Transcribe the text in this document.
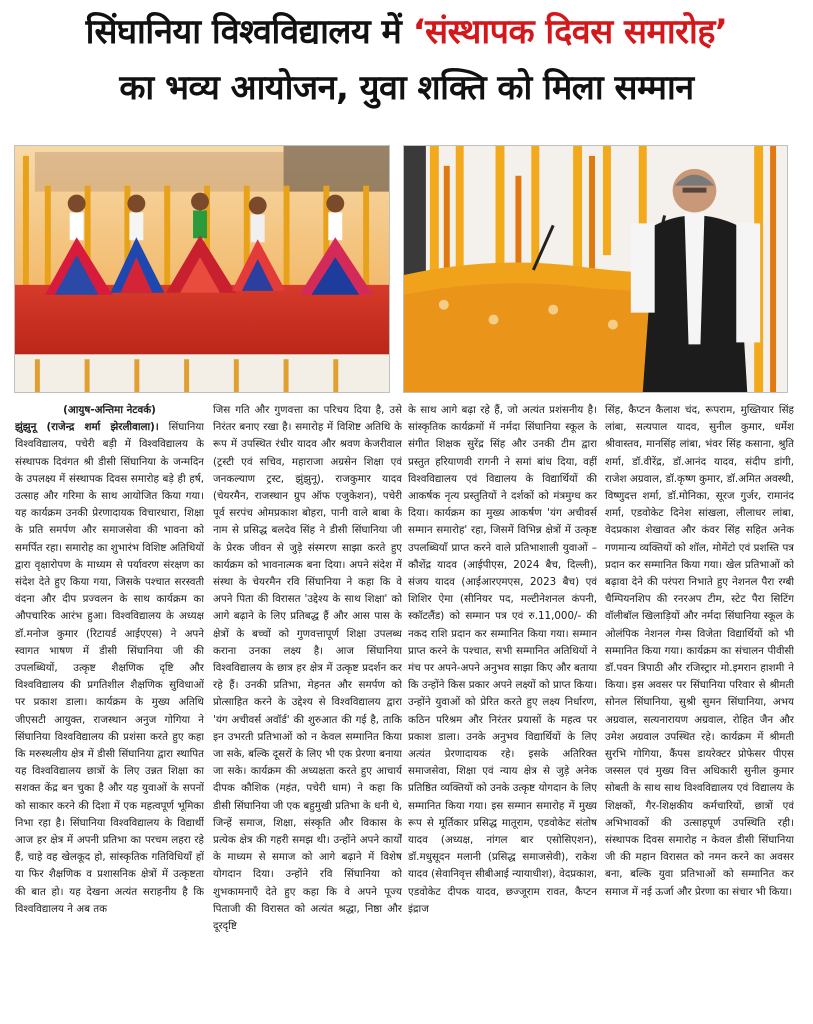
सिंघानिया विश्वविद्यालय में ‘संस्थापक दिवस समारोह’
का भव्य आयोजन, युवा शक्ति को मिला सम्मान

(आयुष-अन्तिमा नेटवर्क)

झुंझुनू (राजेन्द्र शर्मा झेरलीवाला)। सिंघानिया विश्वविद्यालय, पचेरी बड़ी में विश्वविद्यालय के संस्थापक दिवंगत श्री डीसी सिंघानिया के जन्मदिन के उपलक्ष्य में संस्थापक दिवस समारोह बड़े ही हर्ष, उत्साह और गरिमा के साथ आयोजित किया गया। यह कार्यक्रम उनकी प्रेरणादायक विचारधारा, शिक्षा के प्रति समर्पण और समाजसेवा की भावना को समर्पित रहा। समारोह का शुभारंभ विशिष्ट अतिथियों द्वारा वृक्षारोपण के माध्यम से पर्यावरण संरक्षण का संदेश देते हुए किया गया, जिसके पश्चात सरस्वती वंदना और दीप प्रज्वलन के साथ कार्यक्रम का औपचारिक आरंभ हुआ। विश्वविद्यालय के अध्यक्ष डॉ.मनोज कुमार (रिटायर्ड आईएएस) ने अपने स्वागत भाषण में डीसी सिंघानिया जी की उपलब्धियों, उत्कृष्ट शैक्षणिक दृष्टि और विश्वविद्यालय की प्रगतिशील शैक्षणिक सुविधाओं पर प्रकाश डाला। कार्यक्रम के मुख्य अतिथि जीएसटी आयुक्त, राजस्थान अनुज गोगिया ने सिंघानिया विश्वविद्यालय की प्रशंसा करते हुए कहा कि मरुस्थलीय क्षेत्र में डीसी सिंघानिया द्वारा स्थापित यह विश्वविद्यालय छात्रों के लिए उन्नत शिक्षा का सशक्त केंद्र बन चुका है और यह युवाओं के सपनों को साकार करने की दिशा में एक महत्वपूर्ण भूमिका निभा रहा है। सिंघानिया विश्वविद्यालय के विद्यार्थी आज हर क्षेत्र में अपनी प्रतिभा का परचम लहरा रहे हैं, चाहे वह खेलकूद हो, सांस्कृतिक गतिविधियाँ हों या फिर शैक्षणिक व प्रशासनिक क्षेत्रों में उत्कृष्टता की बात हो। यह देखना अत्यंत सराहनीय है कि विश्वविद्यालय ने अब तक

जिस गति और गुणवत्ता का परिचय दिया है, उसे निरंतर बनाए रखा है। समारोह में विशिष्ट अतिथि के रूप में उपस्थित रंधीर यादव और श्रवण केजरीवाल (ट्रस्टी एवं सचिव, महाराजा अग्रसेन शिक्षा एवं जनकल्याण ट्रस्ट, झुंझुनू), राजकुमार यादव (चेयरमैन, राजस्थान ग्रुप ऑफ एजुकेशन), पचेरी पूर्व सरपंच ओमप्रकाश बोहरा, पानी वाले बाबा के नाम से प्रसिद्ध बलदेव सिंह ने डीसी सिंघानिया जी के प्रेरक जीवन से जुड़े संस्मरण साझा करते हुए कार्यक्रम को भावनात्मक बना दिया। अपने संदेश में संस्था के चेयरमैन रवि सिंघानिया ने कहा कि वे अपने पिता की विरासत 'उद्देश्य के साथ शिक्षा' को आगे बढ़ाने के लिए प्रतिबद्ध हैं और आस पास के क्षेत्रों के बच्चों को गुणवत्तापूर्ण शिक्षा उपलब्ध कराना उनका लक्ष्य है। आज सिंघानिया विश्वविद्यालय के छात्र हर क्षेत्र में उत्कृष्ट प्रदर्शन कर रहे हैं। उनकी प्रतिभा, मेहनत और समर्पण को प्रोत्साहित करने के उद्देश्य से विश्वविद्यालय द्वारा 'यंग अचीवर्स अवॉर्ड' की शुरुआत की गई है, ताकि इन उभरती प्रतिभाओं को न केवल सम्मानित किया जा सके, बल्कि दूसरों के लिए भी एक प्रेरणा बनाया जा सके। कार्यक्रम की अध्यक्षता करते हुए आचार्य दीपक कौशिक (महंत, पचेरी धाम) ने कहा कि डीसी सिंघानिया जी एक बहुमुखी प्रतिभा के धनी थे, जिन्हें समाज, शिक्षा, संस्कृति और विकास के प्रत्येक क्षेत्र की गहरी समझ थी। उन्होंने अपने कार्यों के माध्यम से समाज को आगे बढ़ाने में विशेष योगदान दिया। उन्होंने रवि सिंघानिया को शुभकामनाएँ देते हुए कहा कि वे अपने पूज्य पिताजी की विरासत को अत्यंत श्रद्धा, निष्ठा और दूरदृष्टि

के साथ आगे बढ़ा रहे हैं, जो अत्यंत प्रशंसनीय है। सांस्कृतिक कार्यक्रमों में नर्मदा सिंघानिया स्कूल के संगीत शिक्षक सुरेंद्र सिंह और उनकी टीम द्वारा प्रस्तुत हरियाणवी रागनी ने समां बांध दिया, वहीं विश्वविद्यालय एवं विद्यालय के विद्यार्थियों की आकर्षक नृत्य प्रस्तुतियों ने दर्शकों को मंत्रमुग्ध कर दिया। कार्यक्रम का मुख्य आकर्षण 'यंग अचीवर्स सम्मान समारोह' रहा, जिसमें विभिन्न क्षेत्रों में उत्कृष्ट उपलब्धियाँ प्राप्त करने वाले प्रतिभाशाली युवाओं – कौशेंद्र यादव (आईपीएस, 2024 बैच, दिल्ली), संजय यादव (आईआरएमएस, 2023 बैच) एवं शिशिर ऐमा (सीनियर पद, मल्टीनेशनल कंपनी, स्कॉटलैंड) को सम्मान पत्र एवं रु.11,000/- की नकद राशि प्रदान कर सम्मानित किया गया। सम्मान प्राप्त करने के पश्चात, सभी सम्मानित अतिथियों ने मंच पर अपने-अपने अनुभव साझा किए और बताया कि उन्होंने किस प्रकार अपने लक्ष्यों को प्राप्त किया। उन्होंने युवाओं को प्रेरित करते हुए लक्ष्य निर्धारण, कठिन परिश्रम और निरंतर प्रयासों के महत्व पर प्रकाश डाला। उनके अनुभव विद्यार्थियों के लिए अत्यंत प्रेरणादायक रहे। इसके अतिरिक्त समाजसेवा, शिक्षा एवं न्याय क्षेत्र से जुड़े अनेक प्रतिष्ठित व्यक्तियों को उनके उत्कृष्ट योगदान के लिए सम्मानित किया गया। इस सम्मान समारोह में मुख्य रूप से मूर्तिकार प्रसिद्ध मातूराम, एडवोकेट संतोष यादव (अध्यक्ष, नांगल बार एसोसिएशन), डॉ.मधुसूदन मलानी (प्रसिद्ध समाजसेवी), राकेश यादव (सेवानिवृत्त सीबीआई न्यायाधीश), वेदप्रकाश, एडवोकेट दीपक यादव, छज्जूराम रावत, कैप्टन इंद्राज

सिंह, कैप्टन कैलाश चंद, रूपराम, मुख्तियार सिंह लांबा, सत्यपाल यादव, सुनील कुमार, धर्मेश श्रीवास्तव, मानसिंह लांबा, भंवर सिंह कसाना, श्रुति शर्मा, डॉ.वीरेंद्र, डॉ.आनंद यादव, संदीप डांगी, राजेश अग्रवाल, डॉ.कृष्ण कुमार, डॉ.अमित अवस्थी, विष्णुदत्त शर्मा, डॉ.मोनिका, सूरज गुर्जर, रामानंद शर्मा, एडवोकेट दिनेश सांखला, लीलाधर लांबा, वेदप्रकाश शेखावत और कंवर सिंह सहित अनेक गणमान्य व्यक्तियों को शॉल, मोमेंटो एवं प्रशस्ति पत्र प्रदान कर सम्मानित किया गया। खेल प्रतिभाओं को बढ़ावा देने की परंपरा निभाते हुए नेशनल पैरा रग्बी चैम्पियनशिप की रनरअप टीम, स्टेट पैरा सिटिंग वॉलीबॉल खिलाड़ियों और नर्मदा सिंघानिया स्कूल के ओलंपिक नेशनल गेम्स विजेता विद्यार्थियों को भी सम्मानित किया गया। कार्यक्रम का संचालन पीवीसी डॉ.पवन त्रिपाठी और रजिस्ट्रार मो.इमरान हाशमी ने किया। इस अवसर पर सिंघानिया परिवार से श्रीमती सोनल सिंघानिया, सुश्री सुमन सिंघानिया, अभय अग्रवाल, सत्यनारायण अग्रवाल, रोहित जैन और उमेश अग्रवाल उपस्थित रहे। कार्यक्रम में श्रीमती सुरभि गोगिया, कैंपस डायरेक्टर प्रोफेसर पीएस जस्सल एवं मुख्य वित्त अधिकारी सुनील कुमार सोबती के साथ साथ विश्वविद्यालय एवं विद्यालय के शिक्षकों, गैर-शिक्षकीय कर्मचारियों, छात्रों एवं अभिभावकों की उत्साहपूर्ण उपस्थिति रही। संस्थापक दिवस समारोह न केवल डीसी सिंघानिया जी की महान विरासत को नमन करने का अवसर बना, बल्कि युवा प्रतिभाओं को सम्मानित कर समाज में नई ऊर्जा और प्रेरणा का संचार भी किया।
